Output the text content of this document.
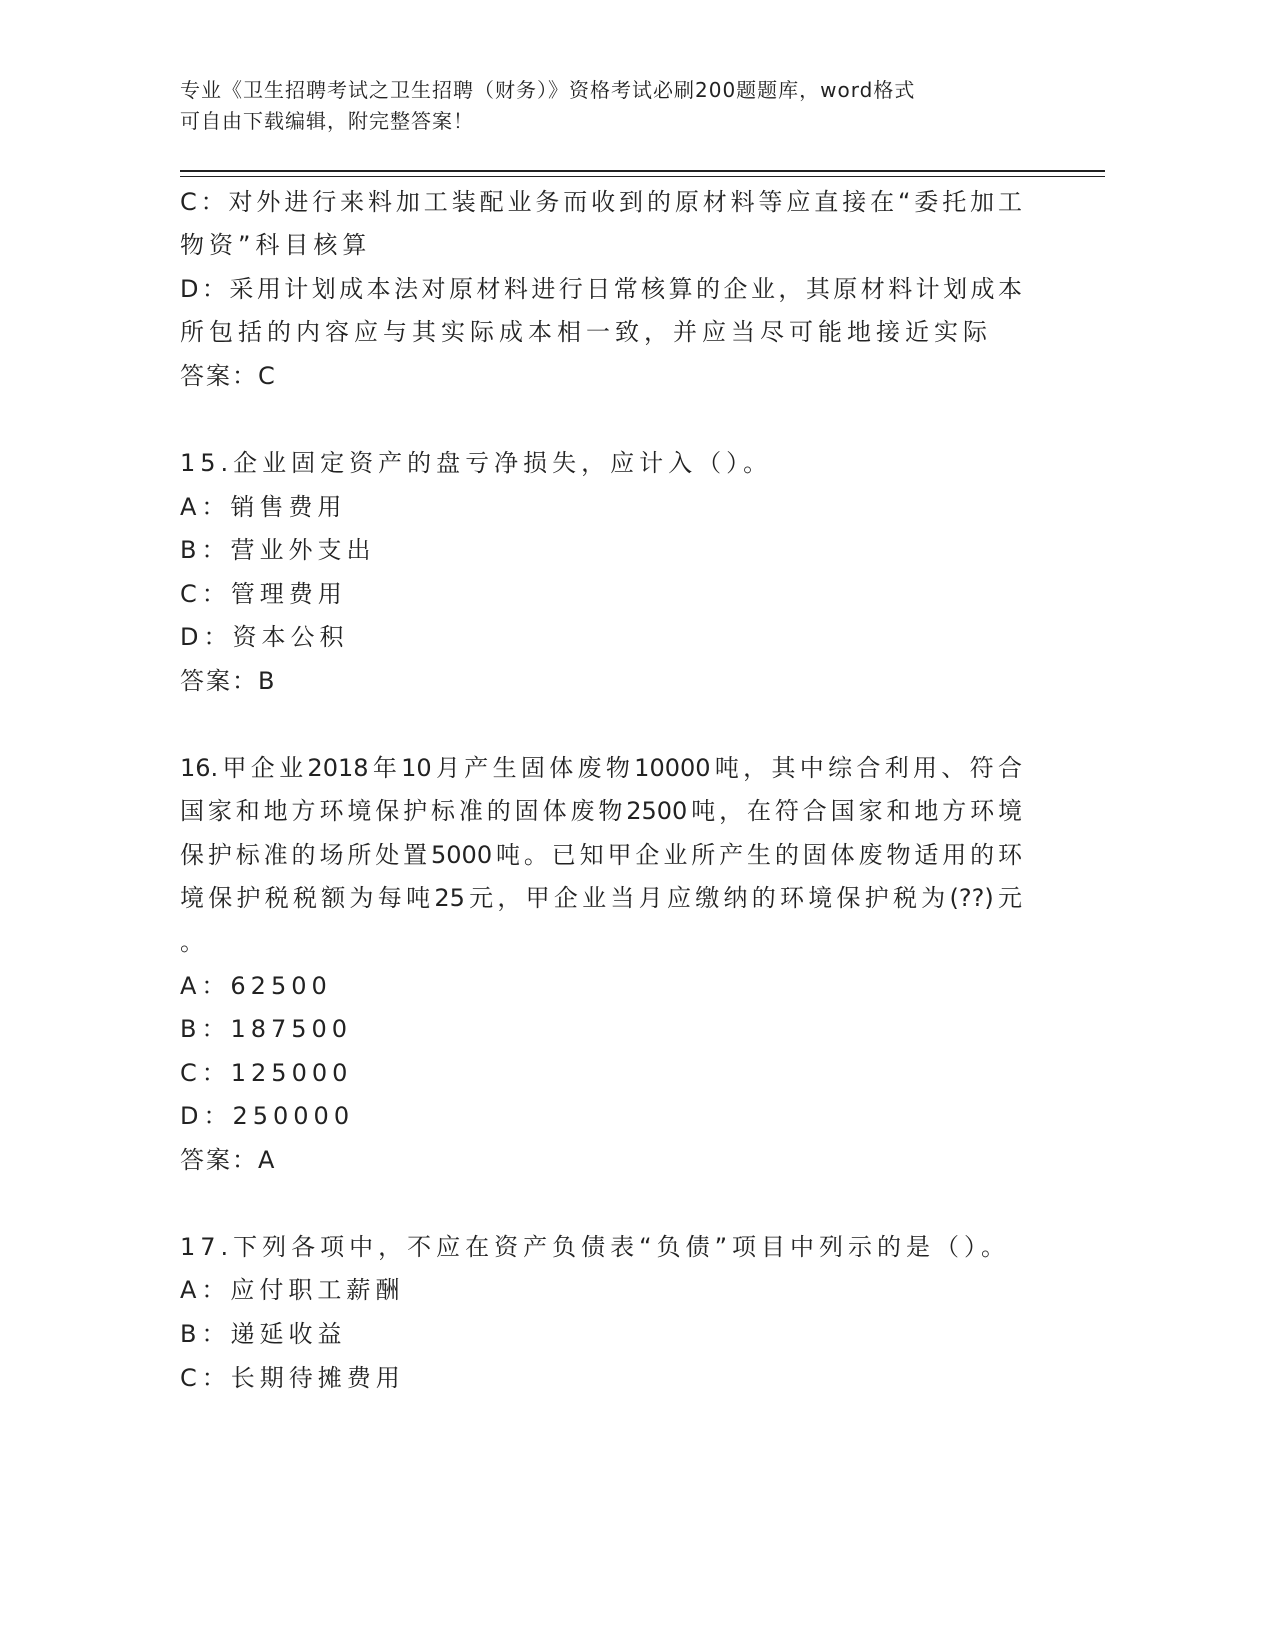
专业《卫生招聘考试之卫生招聘（财务）》资格考试必刷200题题库，word格式
可自由下载编辑，附完整答案！
C：对外进行来料加工装配业务而收到的原材料等应直接在“委托加工
物资”科目核算
D：采用计划成本法对原材料进行日常核算的企业，其原材料计划成本
所包括的内容应与其实际成本相一致，并应当尽可能地接近实际
答案：C
15.企业固定资产的盘亏净损失，应计入（）。
A：销售费用
B：营业外支出
C：管理费用
D：资本公积
答案：B
16.甲企业2018年10月产生固体废物10000吨，其中综合利用、符合
国家和地方环境保护标准的固体废物2500吨，在符合国家和地方环境
保护标准的场所处置5000吨。已知甲企业所产生的固体废物适用的环
境保护税税额为每吨25元，甲企业当月应缴纳的环境保护税为(??)元
。
A：62500
B：187500
C：125000
D：250000
答案：A
17.下列各项中，不应在资产负债表“负债”项目中列示的是（）。
A：应付职工薪酬
B：递延收益
C：长期待摊费用
